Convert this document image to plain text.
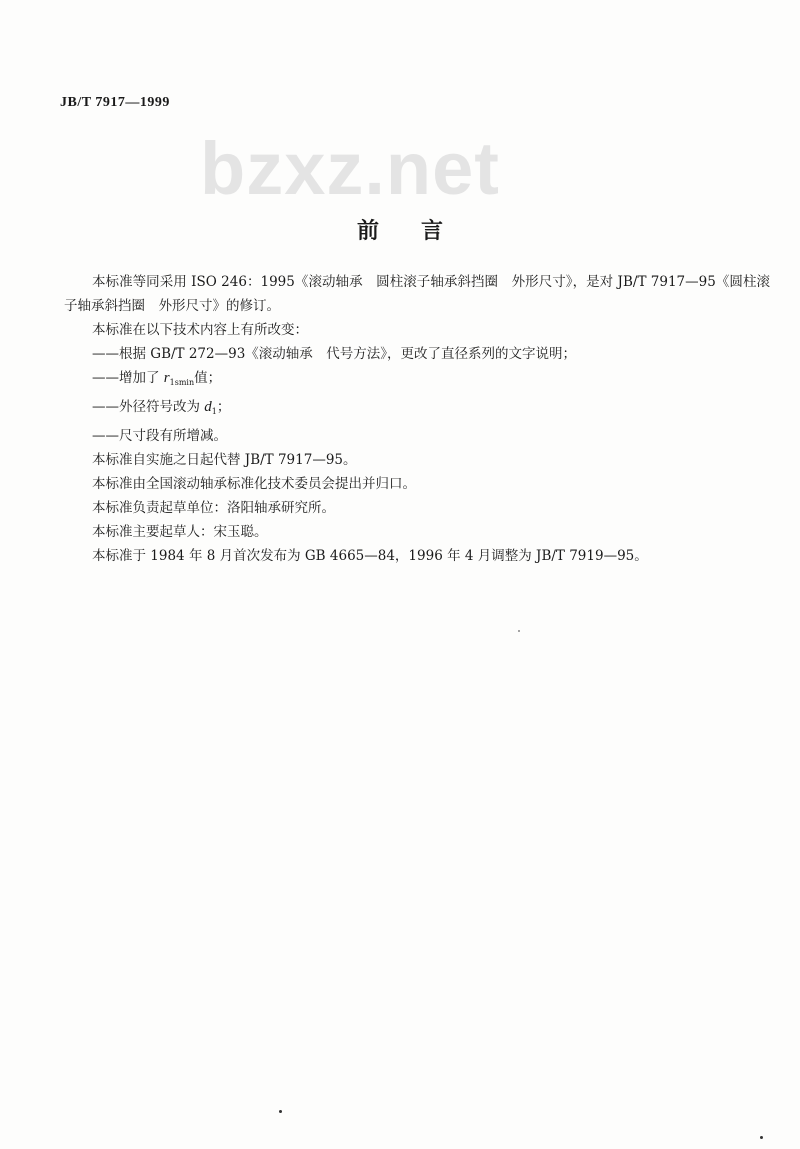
JB/T 7917—1999
bzxz.net
前言

本标准等同采用 ISO 246：1995《滚动轴承　圆柱滚子轴承斜挡圈　外形尺寸》，是对 JB/T 7917—95《圆柱滚子轴承斜挡圈　外形尺寸》的修订。

本标准在以下技术内容上有所改变：

——根据 GB/T 272—93《滚动轴承　代号方法》，更改了直径系列的文字说明；

——增加了 $r_{1smin}$值；

——外径符号改为 $d_1$；

——尺寸段有所增减。

本标准自实施之日起代替 JB/T 7917—95。

本标准由全国滚动轴承标准化技术委员会提出并归口。

本标准负责起草单位：洛阳轴承研究所。

本标准主要起草人：宋玉聪。

本标准于 1984 年 8 月首次发布为 GB 4665—84，1996 年 4 月调整为 JB/T 7919—95。
